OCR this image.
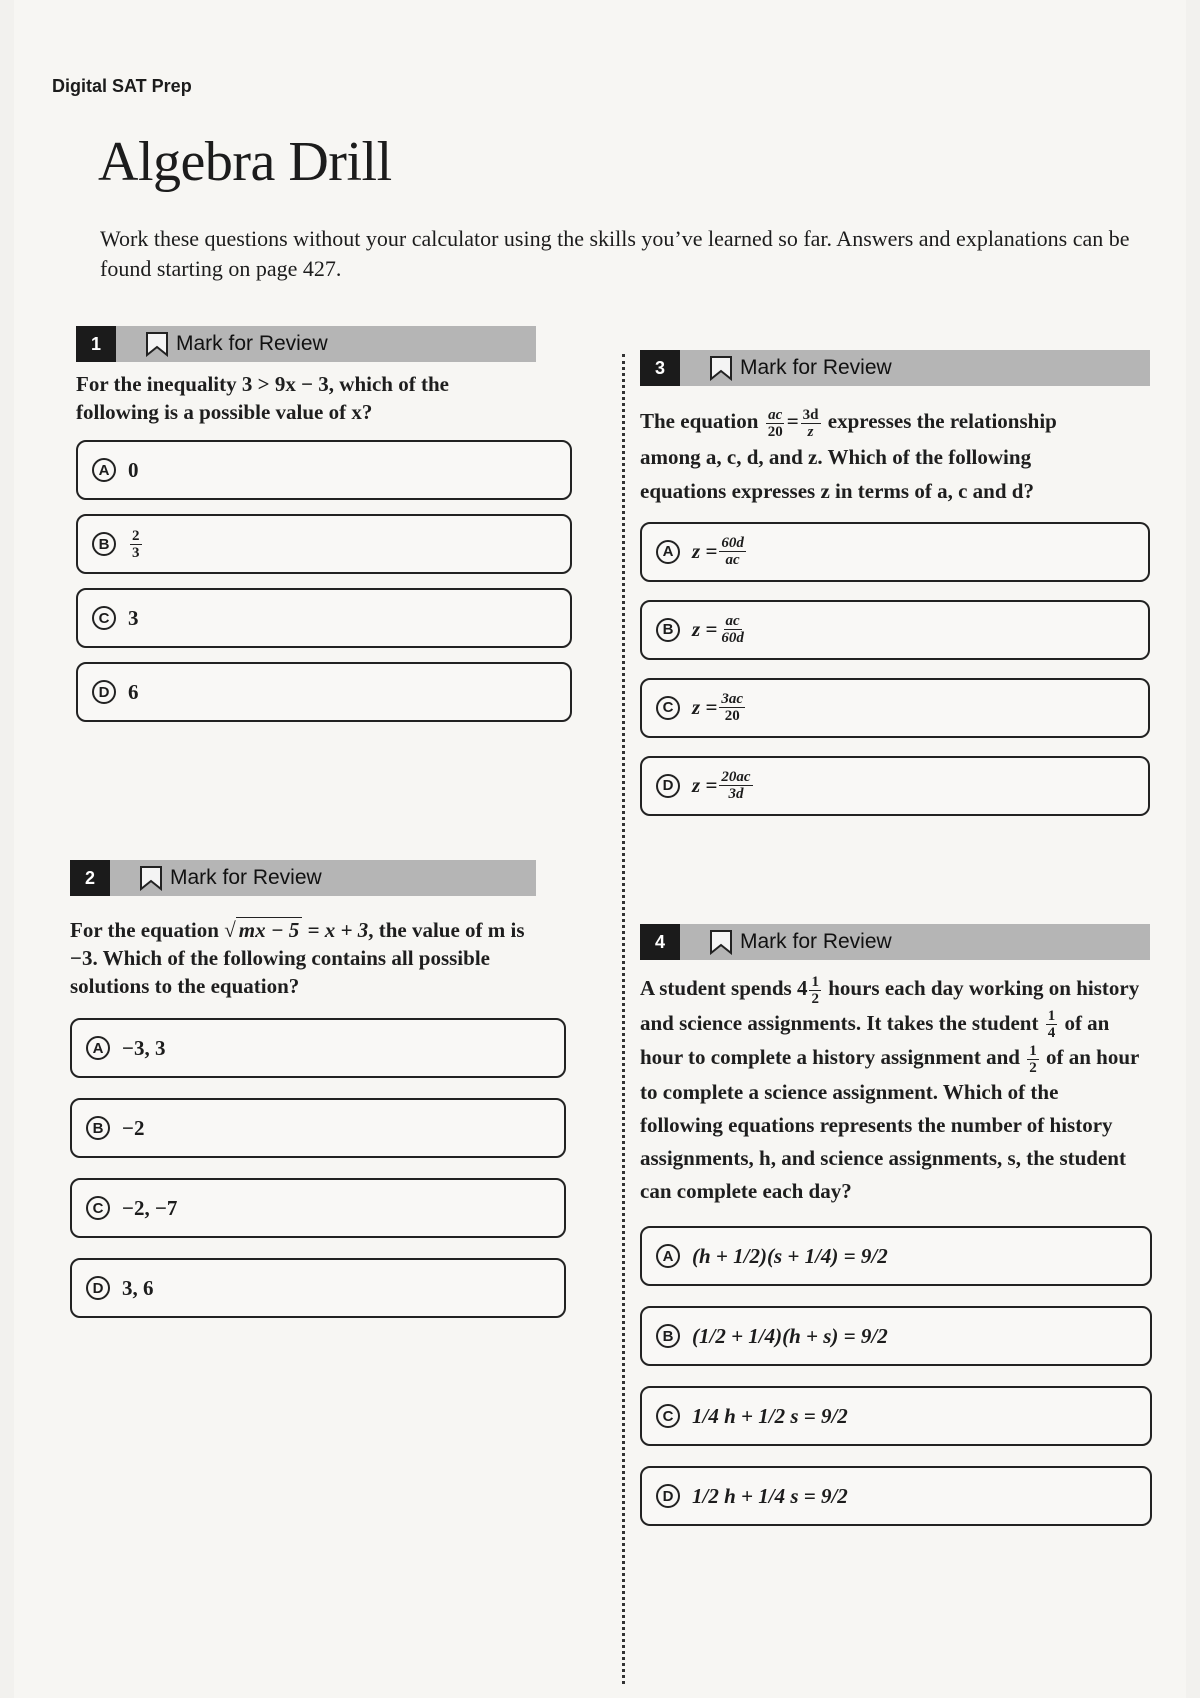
Digital SAT Prep
Algebra Drill
Work these questions without your calculator using the skills you’ve learned so far. Answers and explanations can be found starting on page 427.
1	Mark for Review
For the inequality 3 > 9x − 3, which of the following is a possible value of x?
A 0
B	$\frac{2}{3}$
C 3
D 6
2	Mark for Review
For the equation √ mx − 5 = x + 3, the value of m is −3. Which of the following contains all possible solutions to the equation?
A −3, 3
B −2
C −2, −7
D 3, 6
3	Mark for Review
The equation $\frac{ac}{20} = \frac{3d}{z}$ expresses the relationship among a, c, d, and z. Which of the following equations expresses z in terms of a, c and d?
A $z = \frac{60d}{ac}$
B $z = \frac{ac}{60d}$
C $z = \frac{3ac}{20}$
D $z = \frac{20ac}{3d}$
4	Mark for Review
A student spends $4 \frac{1}{2}$ hours each day working on history and science assignments. It takes the student $\frac{1}{4}$ of an hour to complete a history assignment and $\frac{1}{2}$ of an hour to complete a science assignment. Which of the following equations represents the number of history assignments, h, and science assignments, s, the student can complete each day?
A (h + 1/2)(s + 1/4) = 9/2
B (1/2 + 1/4)(h + s) = 9/2
C 1/4 h + 1/2 s = 9/2
D 1/2 h + 1/4 s = 9/2
